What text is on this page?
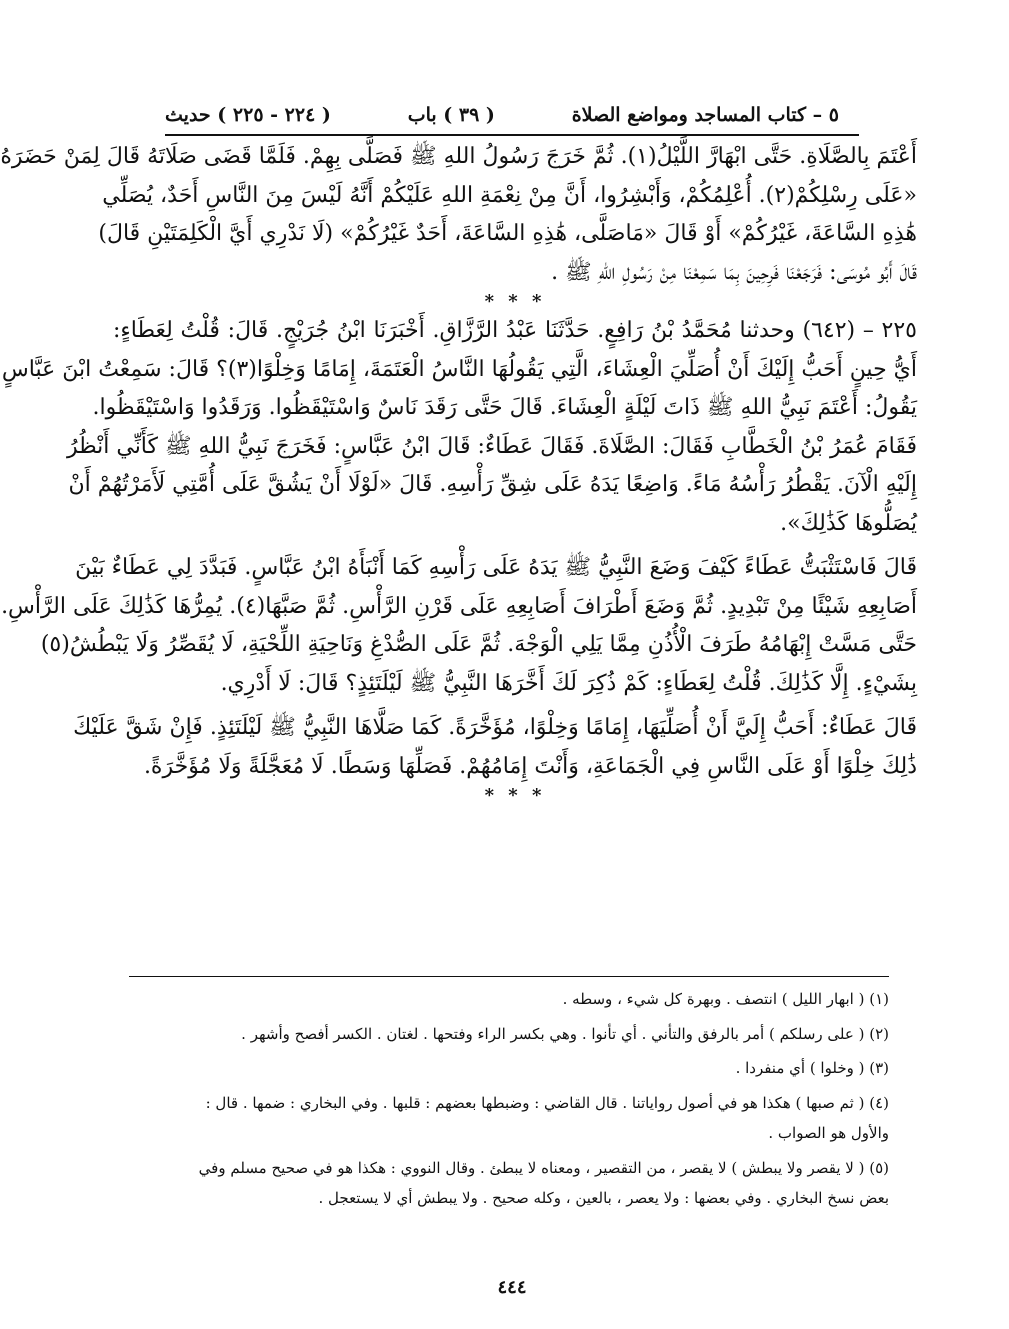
٥ – كتاب المساجد ومواضع الصلاة
( ٣٩ ) باب
( ٢٢٤ - ٢٢٥ ) حديث
أَعْتَمَ بِالصَّلَاةِ. حَتَّى ابْهَارَّ اللَّيْلُ(١). ثُمَّ خَرَجَ رَسُولُ اللهِ ﷺ فَصَلَّى بِهِمْ. فَلَمَّا قَضَى صَلَاتَهُ قَالَ لِمَنْ حَضَرَهُ
«عَلَى رِسْلِكُمْ(٢). أُعْلِمُكُمْ، وَأَبْشِرُوا، أَنَّ مِنْ نِعْمَةِ اللهِ عَلَيْكُمْ أَنَّهُ لَيْسَ مِنَ النَّاسِ أَحَدٌ، يُصَلِّي
هَٰذِهِ السَّاعَةَ، غَيْرُكُمْ» أَوْ قَالَ «مَاصَلَّى، هَٰذِهِ السَّاعَةَ، أَحَدٌ غَيْرُكُمْ» (لَا نَدْرِي أَيَّ الْكَلِمَتَيْنِ قَالَ)
قَالَ أَبُو مُوسَى: فَرَجَعْنَا فَرِحِينَ بِمَا سَمِعْنَا مِنْ رَسُولِ اللهِ ﷺ .
* * *
٢٢٥ – (٦٤٢) وحدثنا مُحَمَّدُ بْنُ رَافِعٍ. حَدَّثَنَا عَبْدُ الرَّزَّاقِ. أَخْبَرَنَا ابْنُ جُرَيْجٍ. قَالَ: قُلْتُ لِعَطَاءٍ:
أَيُّ حِينٍ أَحَبُّ إِلَيْكَ أَنْ أُصَلِّيَ الْعِشَاءَ، الَّتِي يَقُولُهَا النَّاسُ الْعَتَمَةَ، إِمَامًا وَخِلْوًا(٣)؟ قَالَ: سَمِعْتُ ابْنَ عَبَّاسٍ
يَقُولُ: أَعْتَمَ نَبِيُّ اللهِ ﷺ ذَاتَ لَيْلَةٍ الْعِشَاءَ. قَالَ حَتَّى رَقَدَ نَاسٌ وَاسْتَيْقَظُوا. وَرَقَدُوا وَاسْتَيْقَظُوا.
فَقَامَ عُمَرُ بْنُ الْخَطَّابِ فَقَالَ: الصَّلَاةَ. فَقَالَ عَطَاءٌ: قَالَ ابْنُ عَبَّاسٍ: فَخَرَجَ نَبِيُّ اللهِ ﷺ كَأَنِّي أَنْظُرُ
إِلَيْهِ الْآنَ. يَقْطُرُ رَأْسُهُ مَاءً. وَاضِعًا يَدَهُ عَلَى شِقِّ رَأْسِهِ. قَالَ «لَوْلَا أَنْ يَشُقَّ عَلَى أُمَّتِي لَأَمَرْتُهُمْ أَنْ
يُصَلُّوهَا كَذَٰلِكَ».
قَالَ فَاسْتَثْبَتُّ عَطَاءً كَيْفَ وَضَعَ النَّبِيُّ ﷺ يَدَهُ عَلَى رَأْسِهِ كَمَا أَنْبَأَهُ ابْنُ عَبَّاسٍ. فَبَدَّدَ لِي عَطَاءٌ بَيْنَ
أَصَابِعِهِ شَيْئًا مِنْ تَبْدِيدٍ. ثُمَّ وَضَعَ أَطْرَافَ أَصَابِعِهِ عَلَى قَرْنِ الرَّأْسِ. ثُمَّ صَبَّهَا(٤). يُمِرُّهَا كَذَٰلِكَ عَلَى الرَّأْسِ.
حَتَّى مَسَّتْ إِبْهَامُهُ طَرَفَ الْأُذُنِ مِمَّا يَلِي الْوَجْهَ. ثُمَّ عَلَى الصُّدْغِ وَنَاحِيَةِ اللِّحْيَةِ، لَا يُقَصِّرُ وَلَا يَبْطُشُ(٥)
بِشَيْءٍ. إِلَّا كَذَٰلِكَ. قُلْتُ لِعَطَاءٍ: كَمْ ذُكِرَ لَكَ أَخَّرَهَا النَّبِيُّ ﷺ لَيْلَتَئِذٍ؟ قَالَ: لَا أَدْرِي.
قَالَ عَطَاءٌ: أَحَبُّ إِلَيَّ أَنْ أُصَلِّيَهَا، إِمَامًا وَخِلْوًا، مُؤَخَّرَةً. كَمَا صَلَّاهَا النَّبِيُّ ﷺ لَيْلَتَئِذٍ. فَإِنْ شَقَّ عَلَيْكَ
ذَٰلِكَ خِلْوًا أَوْ عَلَى النَّاسِ فِي الْجَمَاعَةِ، وَأَنْتَ إِمَامُهُمْ. فَصَلِّهَا وَسَطًا. لَا مُعَجَّلَةً وَلَا مُؤَخَّرَةً.
* * *
(١) ( ابهار الليل ) انتصف . وبهرة كل شيء ، وسطه .
(٢) ( على رسلكم ) أمر بالرفق والتأني . أي تأنوا . وهي بكسر الراء وفتحها . لغتان . الكسر أفصح وأشهر .
(٣) ( وخلوا ) أي منفردا .
(٤) ( ثم صبها ) هكذا هو في أصول رواياتنا . قال القاضي : وضبطها بعضهم : قلبها . وفي البخاري : ضمها . قال :
والأول هو الصواب .
(٥) ( لا يقصر ولا يبطش ) لا يقصر ، من التقصير ، ومعناه لا يبطئ . وقال النووي : هكذا هو في صحيح مسلم وفي
بعض نسخ البخاري . وفي بعضها : ولا يعصر ، بالعين ، وكله صحيح . ولا يبطش أي لا يستعجل .
٤٤٤
